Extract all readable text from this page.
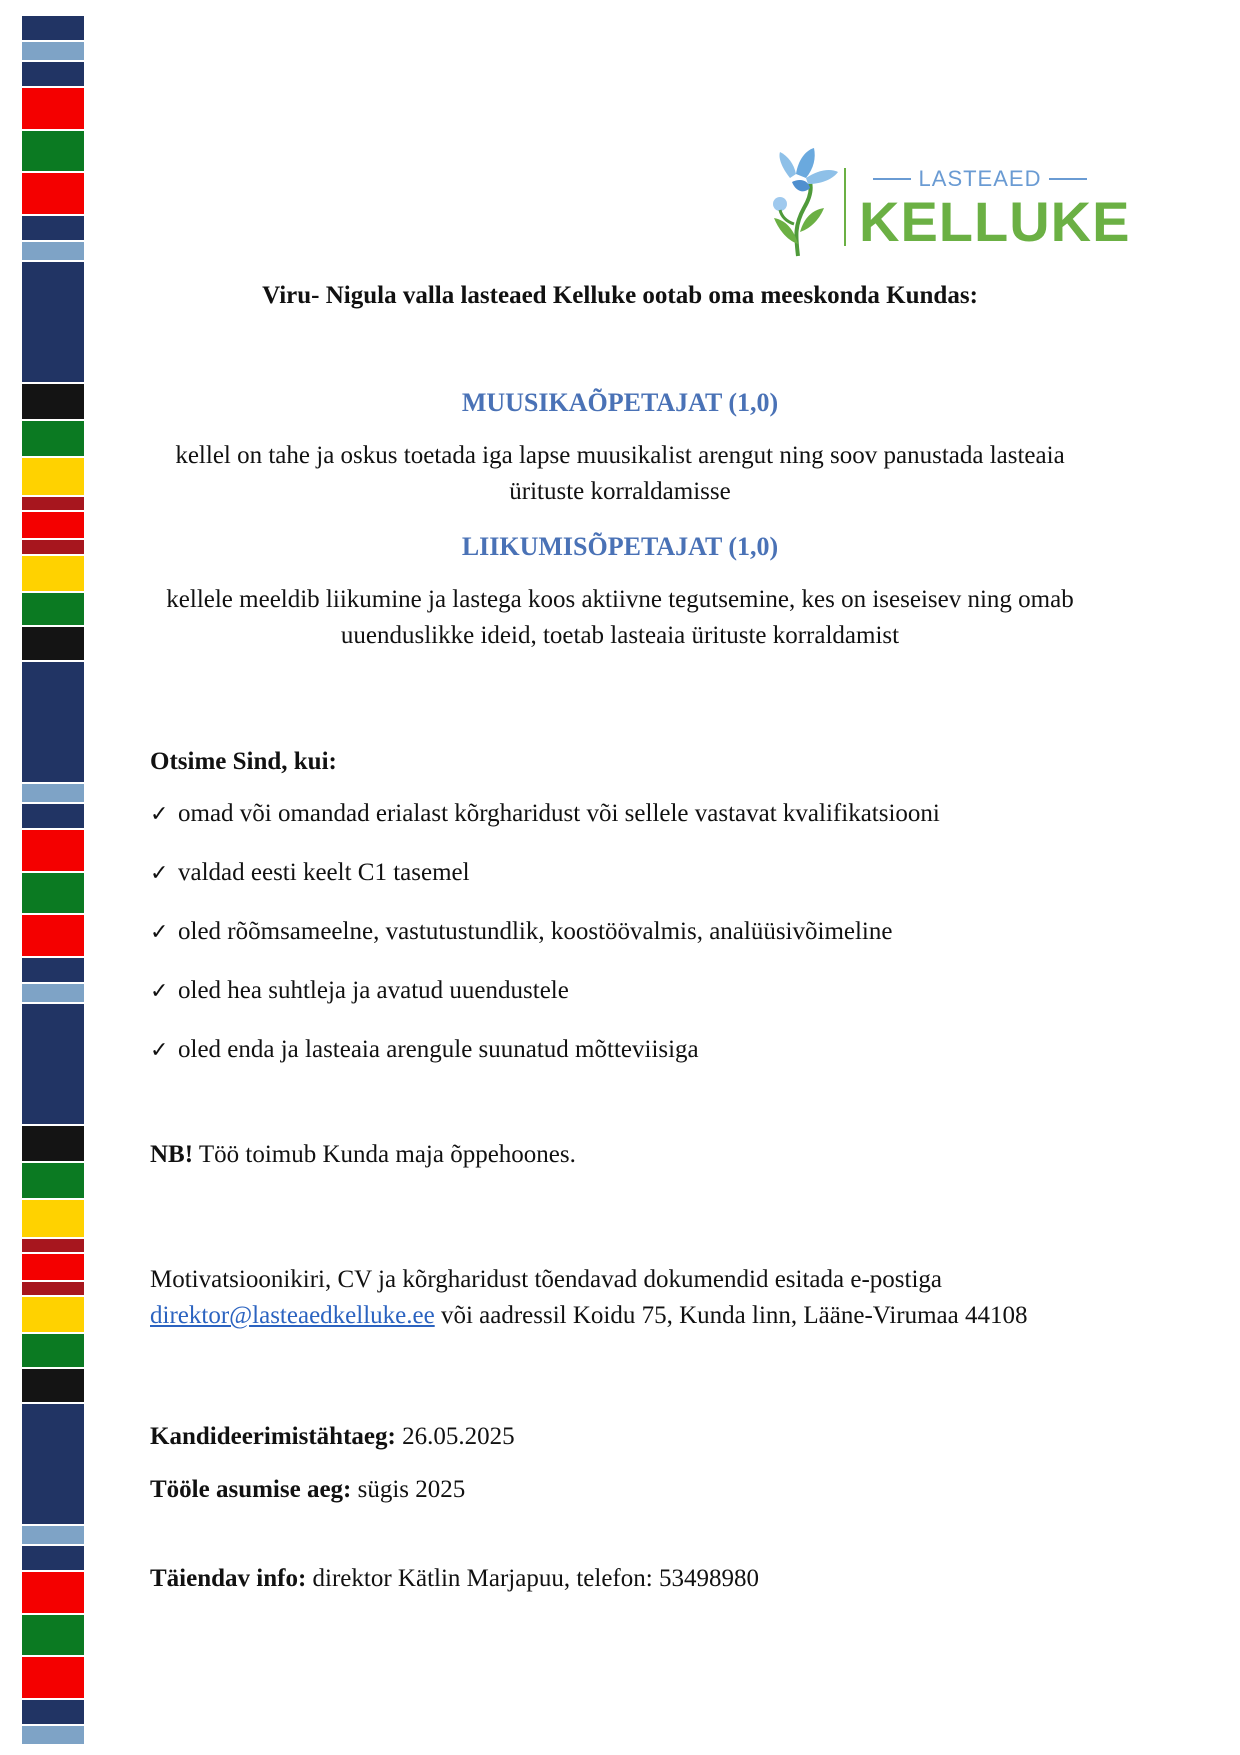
LASTEAED
KELLUKE

Viru- Nigula valla lasteaed Kelluke ootab oma meeskonda Kundas:

MUUSIKAÕPETAJAT (1,0)

kellel on tahe ja oskus toetada iga lapse muusikalist arengut ning soov panustada lasteaia ürituste korraldamisse

LIIKUMISÕPETAJAT (1,0)

kellele meeldib liikumine ja lastega koos aktiivne tegutsemine, kes on iseseisev ning omab uuenduslikke ideid, toetab lasteaia ürituste korraldamist

Otsime Sind, kui:

✓ omad või omandad erialast kõrgharidust või sellele vastavat kvalifikatsiooni
✓ valdad eesti keelt C1 tasemel
✓ oled rõõmsameelne, vastutustundlik, koostöövalmis, analüüsivõimeline
✓ oled hea suhtleja ja avatud uuendustele
✓ oled enda ja lasteaia arengule suunatud mõtteviisiga

NB! Töö toimub Kunda maja õppehoones.

Motivatsioonikiri, CV ja kõrgharidust tõendavad dokumendid esitada e-postiga direktor@lasteaedkelluke.ee või aadressil Koidu 75, Kunda linn, Lääne-Virumaa 44108

Kandideerimistähtaeg: 26.05.2025

Tööle asumise aeg: sügis 2025

Täiendav info: direktor Kätlin Marjapuu, telefon: 53498980
